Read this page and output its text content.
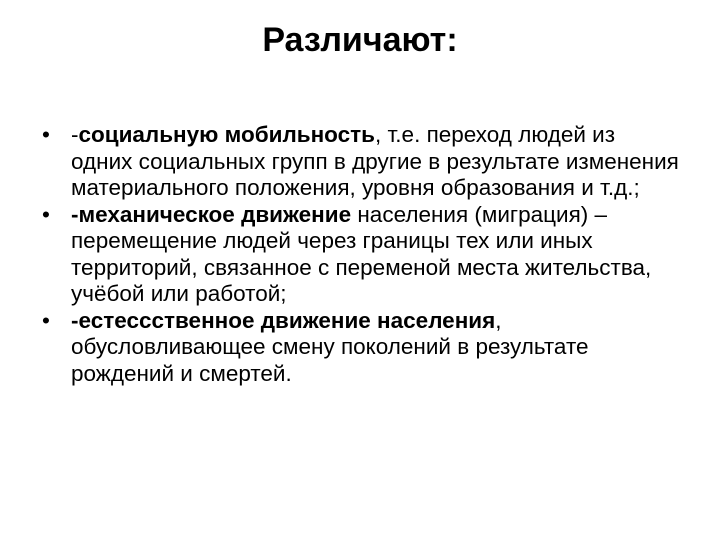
Различают:
• -социальную мобильность, т.е. переход людей из одних социальных групп в другие в результате изменения материального положения, уровня образования и т.д.;
• -механическое движение населения (миграция) – перемещение людей через границы тех или иных территорий, связанное с переменой места жительства, учёбой или работой;
• -естессственное движение населения, обусловливающее смену поколений в результате рождений и смертей.
